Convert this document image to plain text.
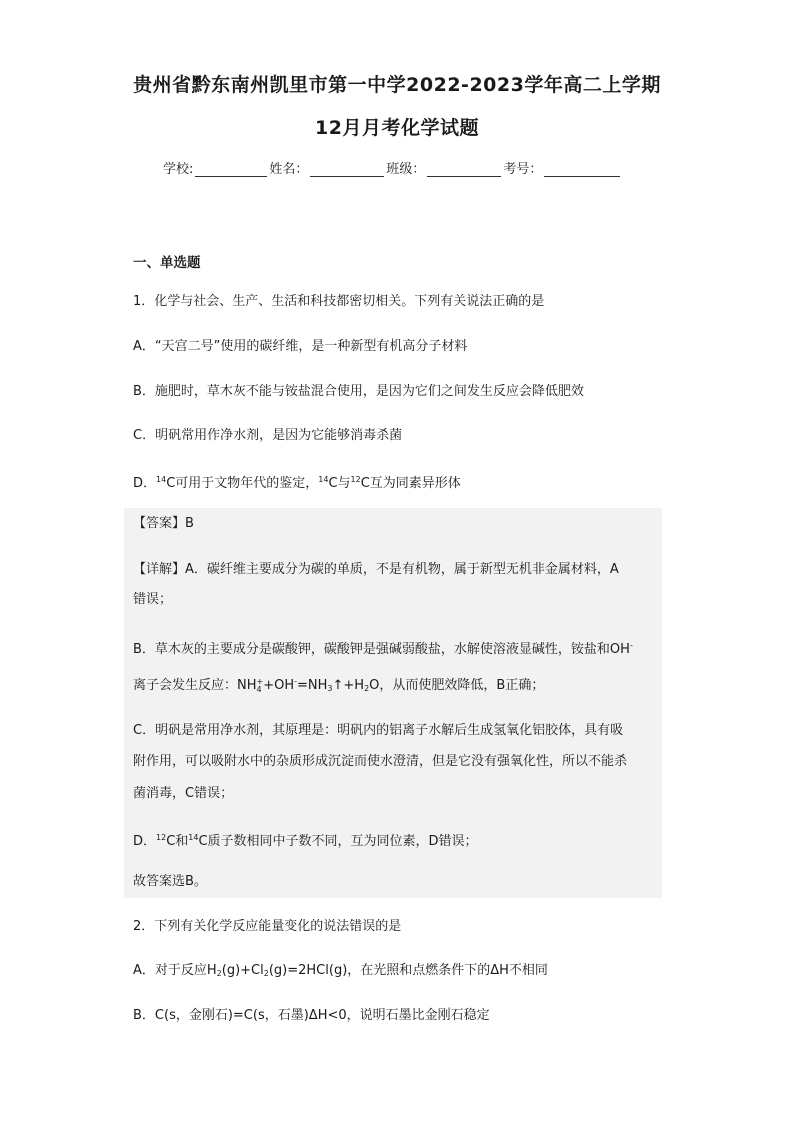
贵州省黔东南州凯里市第一中学2022-2023学年高二上学期
12月月考化学试题
学校:	姓名：	班级：	考号：
一、单选题
1．化学与社会、生产、生活和科技都密切相关。下列有关说法正确的是
A．“天宫二号”使用的碳纤维，是一种新型有机高分子材料
B．施肥时，草木灰不能与铵盐混合使用，是因为它们之间发生反应会降低肥效
C．明矾常用作净水剂，是因为它能够消毒杀菌
D．$^{14}$C可用于文物年代的鉴定，$^{14}$C与$^{12}$C互为同素异形体
【答案】B
【详解】A．碳纤维主要成分为碳的单质，不是有机物，属于新型无机非金属材料，A
错误；
B．草木灰的主要成分是碳酸钾，碳酸钾是强碱弱酸盐，水解使溶液显碱性，铵盐和OH-
离子会发生反应：NH +
$4 +OH^-=NH_3↑+H_2O$，从而使肥效降低，B正确；
C．明矾是常用净水剂，其原理是：明矾内的铝离子水解后生成氢氧化铝胶体，具有吸
附作用，可以吸附水中的杂质形成沉淀而使水澄清，但是它没有强氧化性，所以不能杀
菌消毒，C错误；
D．$^{12}$C和$^{14}$C质子数相同中子数不同，互为同位素，D错误；
故答案选B。
2．下列有关化学反应能量变化的说法错误的是
A．对于反应$H_2(g)+Cl_2(g)=2HCl(g)$，在光照和点燃条件下的ΔH不相同
B．C(s，金刚石)=C(s，石墨)ΔH<0，说明石墨比金刚石稳定
